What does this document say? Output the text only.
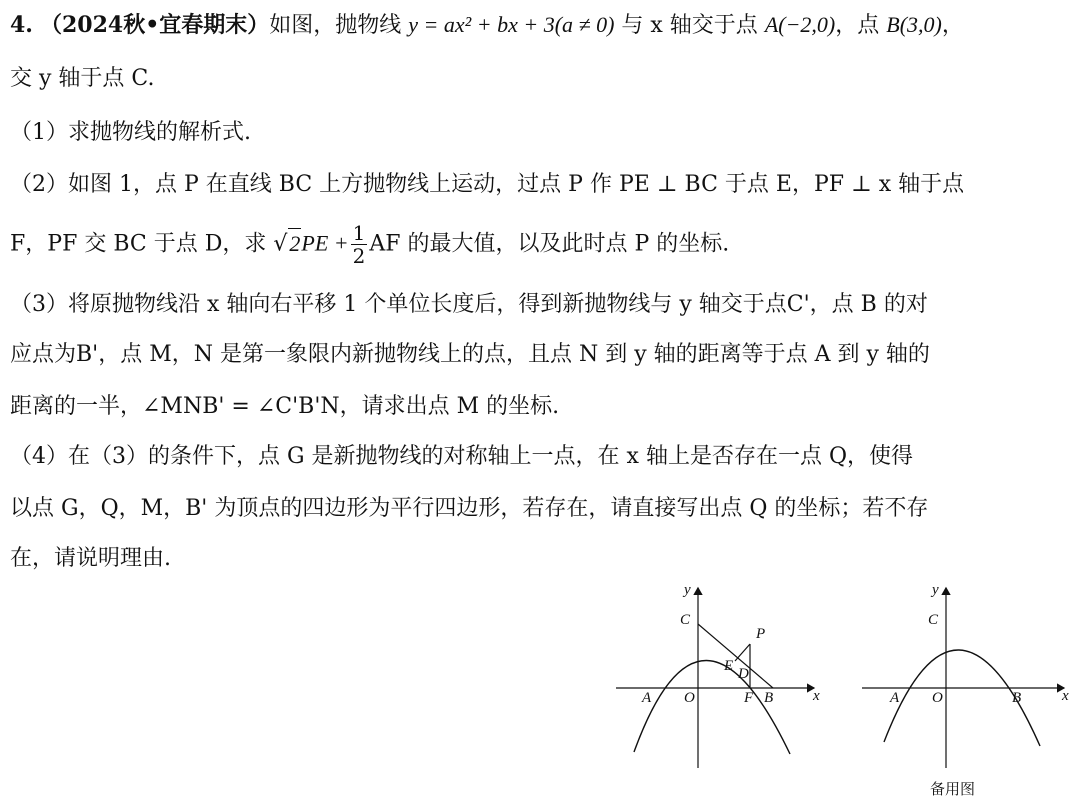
4. （2024秋•宜春期末）如图，抛物线 y = ax² + bx + 3(a ≠ 0) 与 x 轴交于点 A(−2,0)，点 B(3,0)，
交 y 轴于点 C.
（1）求抛物线的解析式.
（2）如图 1，点 P 在直线 BC 上方抛物线上运动，过点 P 作 PE ⊥ BC 于点 E，PF ⊥ x 轴于点
F，PF 交 BC 于点 D，求 $√2PE + \frac{1}{2}$ AF 的最大值，以及此时点 P 的坐标.
（3）将原抛物线沿 x 轴向右平移 1 个单位长度后，得到新抛物线与 y 轴交于点C'，点 B 的对
应点为B'，点 M，N 是第一象限内新抛物线上的点，且点 N 到 y 轴的距离等于点 A 到 y 轴的
距离的一半，∠MNB' = ∠C'B'N，请求出点 M 的坐标.
（4）在（3）的条件下，点 G 是新抛物线的对称轴上一点，在 x 轴上是否存在一点 Q，使得
以点 G，Q，M，B' 为顶点的四边形为平行四边形，若存在，请直接写出点 Q 的坐标；若不存
在，请说明理由.
y
x
C
P
E D
A O	F B
y
x
C
A O	B
备用图
